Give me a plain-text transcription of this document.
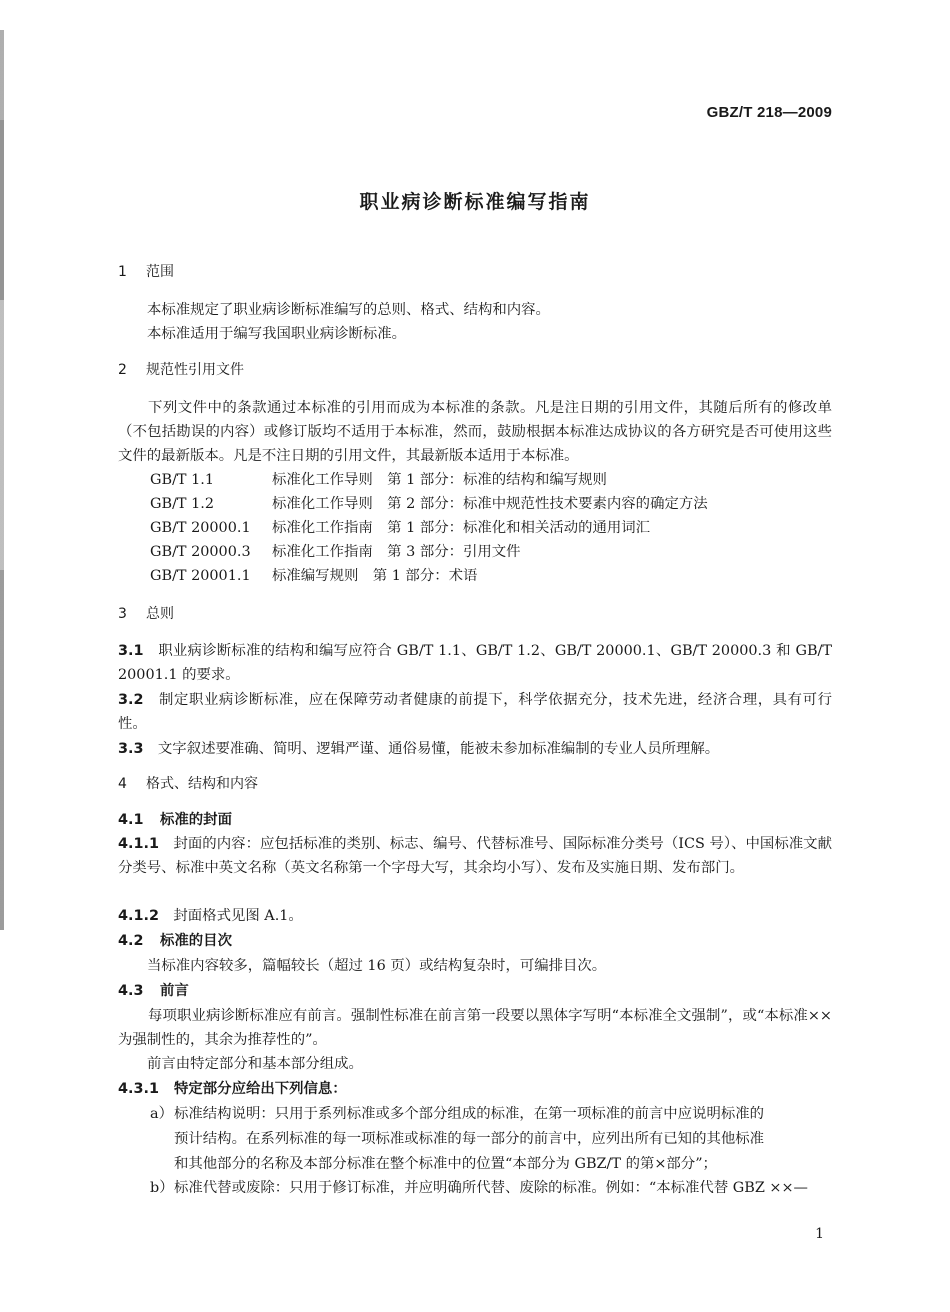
GBZ/T 218—2009
职业病诊断标准编写指南
1 范围
本标准规定了职业病诊断标准编写的总则、格式、结构和内容。
本标准适用于编写我国职业病诊断标准。
2 规范性引用文件
下列文件中的条款通过本标准的引用而成为本标准的条款。凡是注日期的引用文件，其随后所有的修改单（不包括勘误的内容）或修订版均不适用于本标准，然而，鼓励根据本标准达成协议的各方研究是否可使用这些文件的最新版本。凡是不注日期的引用文件，其最新版本适用于本标准。
GB/T 1.1	标准化工作导则　第 1 部分：标准的结构和编写规则
GB/T 1.2	标准化工作导则　第 2 部分：标准中规范性技术要素内容的确定方法
GB/T 20000.1 标准化工作指南　第 1 部分：标准化和相关活动的通用词汇
GB/T 20000.3 标准化工作指南　第 3 部分：引用文件
GB/T 20001.1 标准编写规则　第 1 部分：术语
3 总则
3.1　 职业病诊断标准的结构和编写应符合 GB/T 1.1、GB/T 1.2、GB/T 20000.1、GB/T 20000.3 和 GB/T 20001.1 的要求。
3.2　 制定职业病诊断标准，应在保障劳动者健康的前提下，科学依据充分，技术先进，经济合理，具有可行性。
3.3　 文字叙述要准确、简明、逻辑严谨、通俗易懂，能被未参加标准编制的专业人员所理解。
4 格式、结构和内容
4.1 标准的封面
4.1.1　 封面的内容：应包括标准的类别、标志、编号、代替标准号、国际标准分类号（ICS 号）、中国标准文献分类号、标准中英文名称（英文名称第一个字母大写，其余均小写）、发布及实施日期、发布部门。
4.1.2　 封面格式见图 A.1。
4.2 标准的目次
当标准内容较多，篇幅较长（超过 16 页）或结构复杂时，可编排目次。
4.3 前言
每项职业病诊断标准应有前言。强制性标准在前言第一段要以黑体字写明“本标准全文强制”，或“本标准××为强制性的，其余为推荐性的”。
前言由特定部分和基本部分组成。
4.3.1 特定部分应给出下列信息：
a） 标准结构说明：只用于系列标准或多个部分组成的标准，在第一项标准的前言中应说明标准的
预计结构。在系列标准的每一项标准或标准的每一部分的前言中，应列出所有已知的其他标准
和其他部分的名称及本部分标准在整个标准中的位置“本部分为 GBZ/T 的第×部分”；
b） 标准代替或废除：只用于修订标准，并应明确所代替、废除的标准。例如：“本标准代替 GBZ ××—
1
